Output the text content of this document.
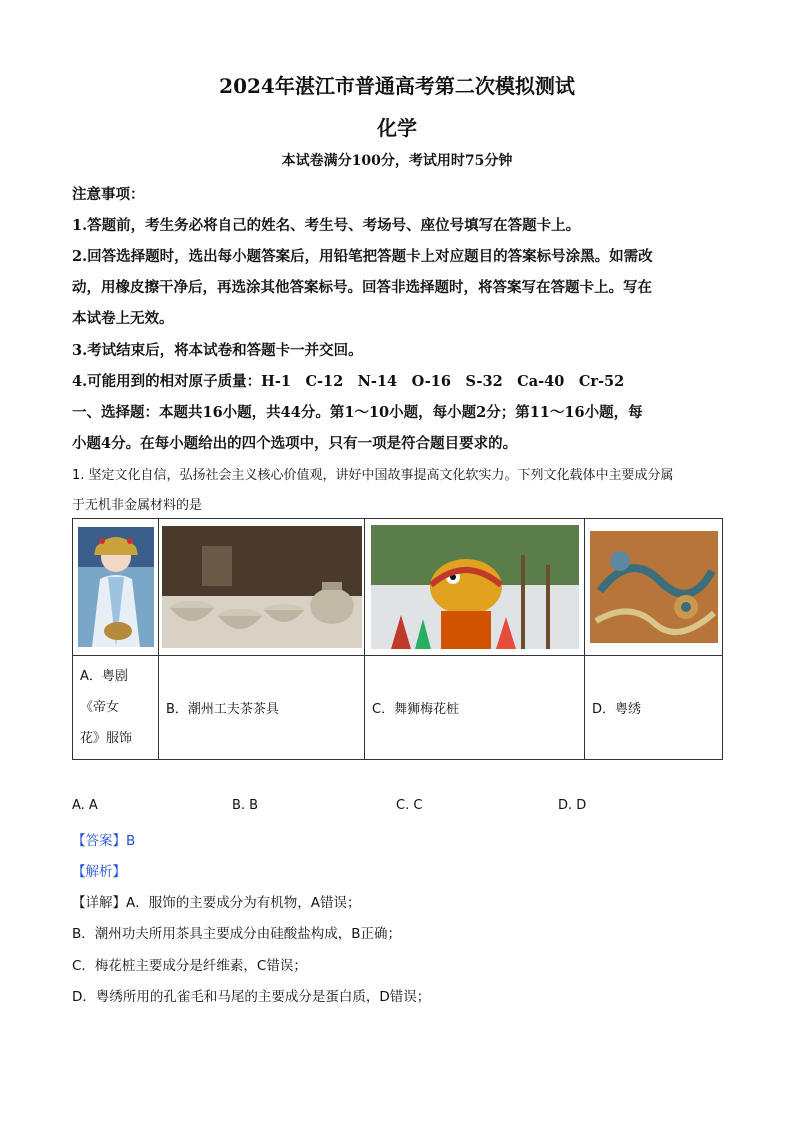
2024年湛江市普通高考第二次模拟测试
化学
本试卷满分100分，考试用时75分钟
注意事项：
1.答题前，考生务必将自己的姓名、考生号、考场号、座位号填写在答题卡上。
2.回答选择题时，选出每小题答案后，用铅笔把答题卡上对应题目的答案标号涂黑。如需改
动，用橡皮擦干净后，再选涂其他答案标号。回答非选择题时，将答案写在答题卡上。写在
本试卷上无效。
3.考试结束后，将本试卷和答题卡一并交回。
4.可能用到的相对原子质量：H-1　C-12　N-14　O-16　S-32　Ca-40　Cr-52
一、选择题：本题共16小题，共44分。第1～10小题，每小题2分；第11～16小题，每
小题4分。在每小题给出的四个选项中，只有一项是符合题目要求的。
1. 坚定文化自信，弘扬社会主义核心价值观，讲好中国故事提高文化软实力。下列文化载体中主要成分属
于无机非金属材料的是

A．粤剧
《帝女
花》服饰	B．潮州工夫茶茶具	C．舞狮梅花桩	D．粤绣
A. A	B. B	C. C	D. D
【答案】B
【解析】
【详解】A．服饰的主要成分为有机物，A错误；
B．潮州功夫所用茶具主要成分由硅酸盐构成，B正确；
C．梅花桩主要成分是纤维素，C错误；
D．粤绣所用的孔雀毛和马尾的主要成分是蛋白质，D错误；
